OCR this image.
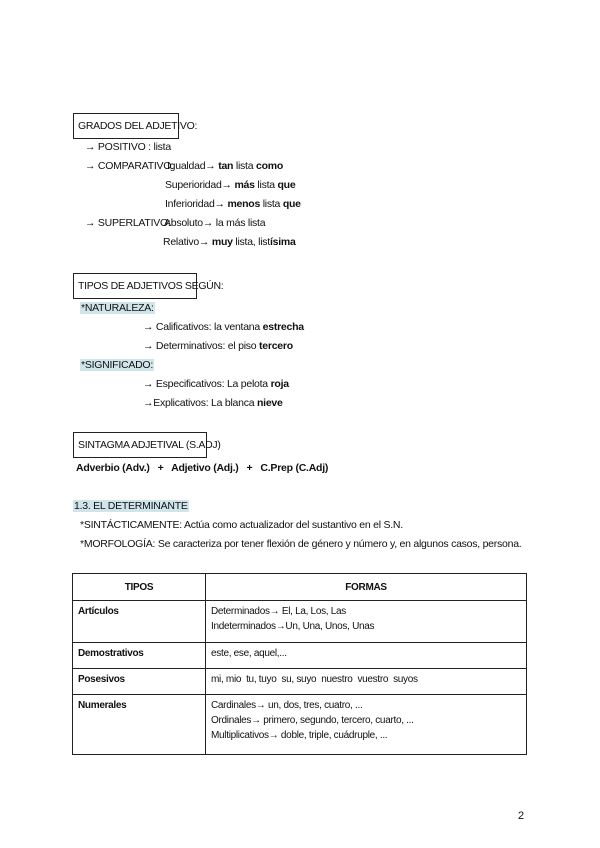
GRADOS DEL ADJETIVO:
→ POSITIVO : lista
→ COMPARATIVO:
Igualdad→ tan lista como
Superioridad→ más lista que
Inferioridad→ menos lista que
→ SUPERLATIVO:
Absoluto→ la más lista
Relativo→ muy lista, listísima
TIPOS DE ADJETIVOS SEGÚN:
*NATURALEZA:
→ Calificativos: la ventana estrecha
→ Determinativos: el piso tercero
*SIGNIFICADO:
→ Especificativos: La pelota roja
→Explicativos: La blanca nieve
SINTAGMA ADJETIVAL (S.ADJ)
Adverbio (Adv.)   +   Adjetivo (Adj.)   +   C.Prep (C.Adj)
1.3. EL DETERMINANTE
*SINTÁCTICAMENTE: Actúa como actualizador del sustantivo en el S.N.
*MORFOLOGÍA: Se caracteriza por tener flexión de género y número y, en algunos casos, persona.
TIPOS	FORMAS
Artículos	Determinados→ El, La, Los, Las
Indeterminados→Un, Una, Unos, Unas

Demostrativos	este, ese, aquel,...
Posesivos	mi, mio  tu, tuyo  su, suyo  nuestro  vuestro  suyos
Numerales	Cardinales→ un, dos, tres, cuatro, ...
Ordinales→ primero, segundo, tercero, cuarto, ...
Multiplicativos→ doble, triple, cuádruple, ...
2
